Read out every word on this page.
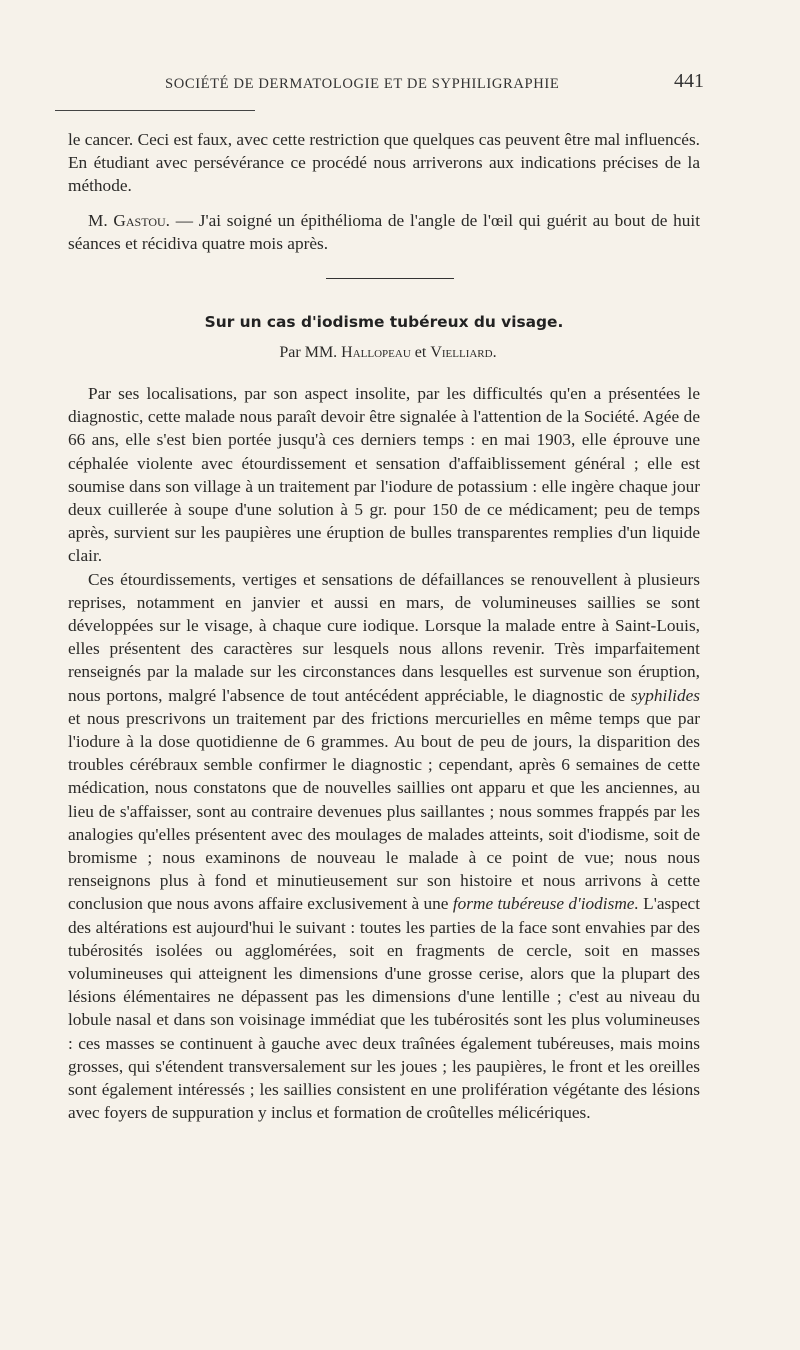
SOCIÉTÉ DE DERMATOLOGIE ET DE SYPHILIGRAPHIE	441

le cancer. Ceci est faux, avec cette restriction que quelques cas peuvent être mal influencés. En étudiant avec persévérance ce procédé nous arriverons aux indications précises de la méthode.

M. Gastou. — J'ai soigné un épithélioma de l'angle de l'œil qui guérit au bout de huit séances et récidiva quatre mois après.

Sur un cas d'iodisme tubéreux du visage.
Par MM. Hallopeau et Vielliard.

Par ses localisations, par son aspect insolite, par les difficultés qu'en a présentées le diagnostic, cette malade nous paraît devoir être signalée à l'attention de la Société. Agée de 66 ans, elle s'est bien portée jusqu'à ces derniers temps : en mai 1903, elle éprouve une céphalée violente avec étourdissement et sensation d'affaiblissement général ; elle est soumise dans son village à un traitement par l'iodure de potassium : elle ingère chaque jour deux cuillerée à soupe d'une solution à 5 gr. pour 150 de ce médicament; peu de temps après, survient sur les paupières une éruption de bulles transparentes remplies d'un liquide clair.

Ces étourdissements, vertiges et sensations de défaillances se renouvellent à plusieurs reprises, notamment en janvier et aussi en mars, de volumineuses saillies se sont développées sur le visage, à chaque cure iodique. Lorsque la malade entre à Saint-Louis, elles présentent des caractères sur lesquels nous allons revenir. Très imparfaitement renseignés par la malade sur les circonstances dans lesquelles est survenue son éruption, nous portons, malgré l'absence de tout antécédent appréciable, le diagnostic de syphilides et nous prescrivons un traitement par des frictions mercurielles en même temps que par l'iodure à la dose quotidienne de 6 grammes. Au bout de peu de jours, la disparition des troubles cérébraux semble confirmer le diagnostic ; cependant, après 6 semaines de cette médication, nous constatons que de nouvelles saillies ont apparu et que les anciennes, au lieu de s'affaisser, sont au contraire devenues plus saillantes ; nous sommes frappés par les analogies qu'elles présentent avec des moulages de malades atteints, soit d'iodisme, soit de bromisme ; nous examinons de nouveau le malade à ce point de vue; nous nous renseignons plus à fond et minutieusement sur son histoire et nous arrivons à cette conclusion que nous avons affaire exclusivement à une forme tubéreuse d'iodisme. L'aspect des altérations est aujourd'hui le suivant : toutes les parties de la face sont envahies par des tubérosités isolées ou agglomérées, soit en fragments de cercle, soit en masses volumineuses qui atteignent les dimensions d'une grosse cerise, alors que la plupart des lésions élémentaires ne dépassent pas les dimensions d'une lentille ; c'est au niveau du lobule nasal et dans son voisinage immédiat que les tubérosités sont les plus volumineuses : ces masses se continuent à gauche avec deux traînées également tubéreuses, mais moins grosses, qui s'étendent transversalement sur les joues ; les paupières, le front et les oreilles sont également intéressés ; les saillies consistent en une prolifération végétante des lésions avec foyers de suppuration y inclus et formation de croûtelles mélicériques.
